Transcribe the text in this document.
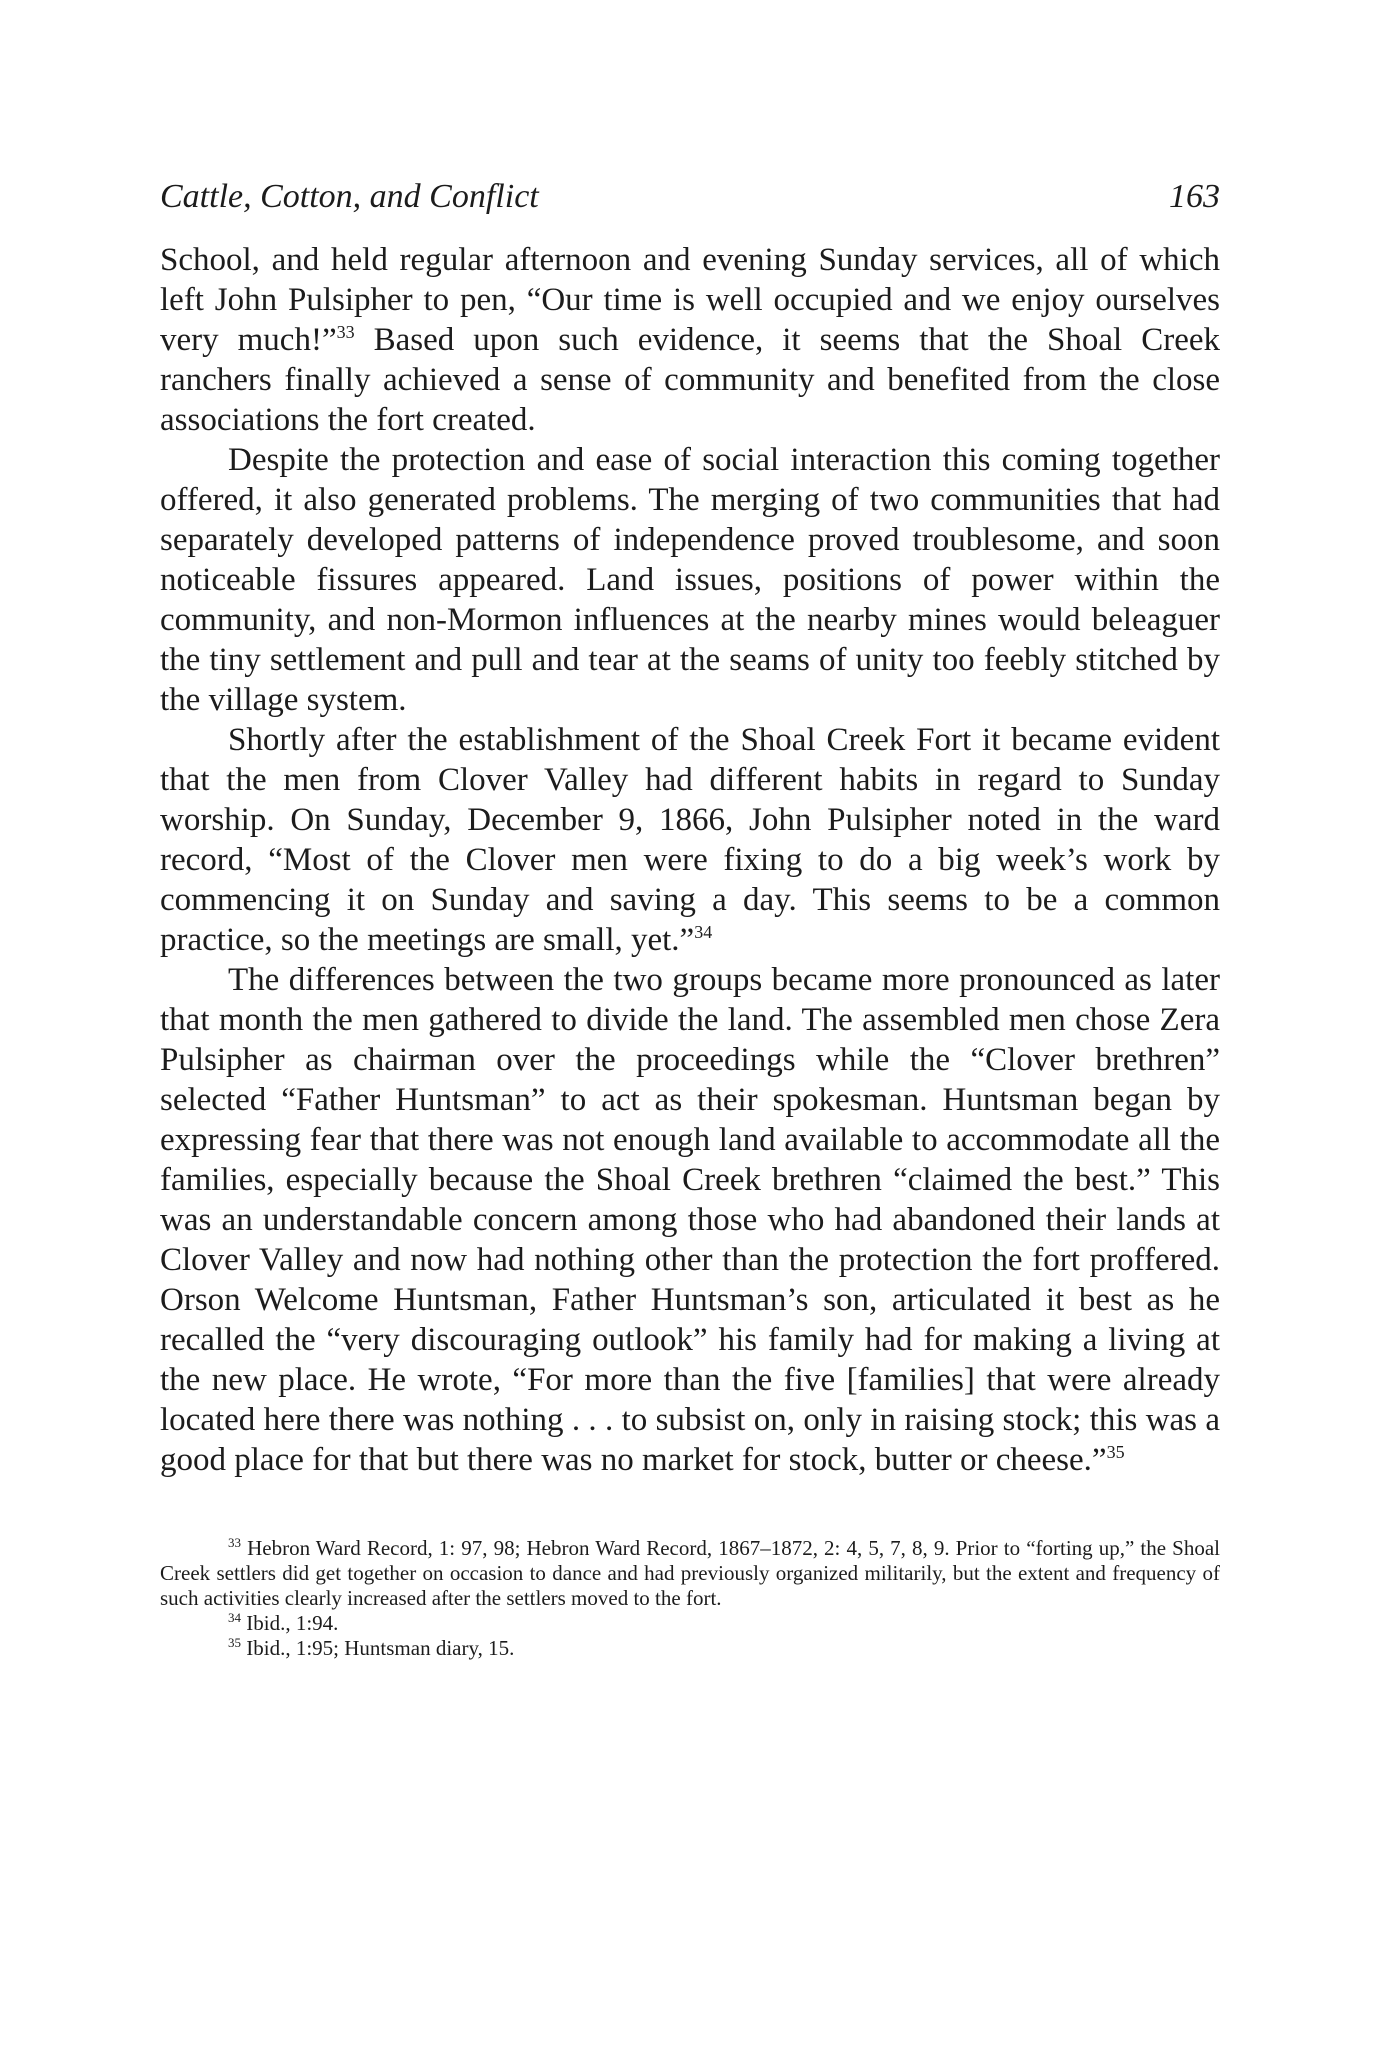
Cattle, Cotton, and Conflict	163

School, and held regular afternoon and evening Sunday services, all of which left John Pulsipher to pen, “Our time is well occupied and we enjoy ourselves very much!”$^{33}$ Based upon such evidence, it seems that the Shoal Creek ranchers finally achieved a sense of community and benefited from the close associations the fort created.

Despite the protection and ease of social interaction this coming together offered, it also generated problems. The merging of two communities that had separately developed patterns of independence proved troublesome, and soon noticeable fissures appeared. Land issues, positions of power within the community, and non-Mormon influences at the nearby mines would beleaguer the tiny settlement and pull and tear at the seams of unity too feebly stitched by the village system.

Shortly after the establishment of the Shoal Creek Fort it became evident that the men from Clover Valley had different habits in regard to Sunday worship. On Sunday, December 9, 1866, John Pulsipher noted in the ward record, “Most of the Clover men were fixing to do a big week’s work by commencing it on Sunday and saving a day. This seems to be a common practice, so the meetings are small, yet.”$^{34}$

The differences between the two groups became more pronounced as later that month the men gathered to divide the land. The assembled men chose Zera Pulsipher as chairman over the proceedings while the “Clover brethren” selected “Father Huntsman” to act as their spokesman. Huntsman began by expressing fear that there was not enough land available to accommodate all the families, especially because the Shoal Creek brethren “claimed the best.” This was an understandable concern among those who had abandoned their lands at Clover Valley and now had nothing other than the protection the fort proffered. Orson Welcome Huntsman, Father Huntsman’s son, articulated it best as he recalled the “very discouraging outlook” his family had for making a living at the new place. He wrote, “For more than the five [families] that were already located here there was nothing . . . to subsist on, only in raising stock; this was a good place for that but there was no market for stock, butter or cheese.”$^{35}$

$^{33}$ Hebron Ward Record, 1: 97, 98; Hebron Ward Record, 1867–1872, 2: 4, 5, 7, 8, 9. Prior to “forting up,” the Shoal Creek settlers did get together on occasion to dance and had previously organized militarily, but the extent and frequency of such activities clearly increased after the settlers moved to the fort.

$^{34}$ Ibid., 1:94.

$^{35}$ Ibid., 1:95; Huntsman diary, 15.
